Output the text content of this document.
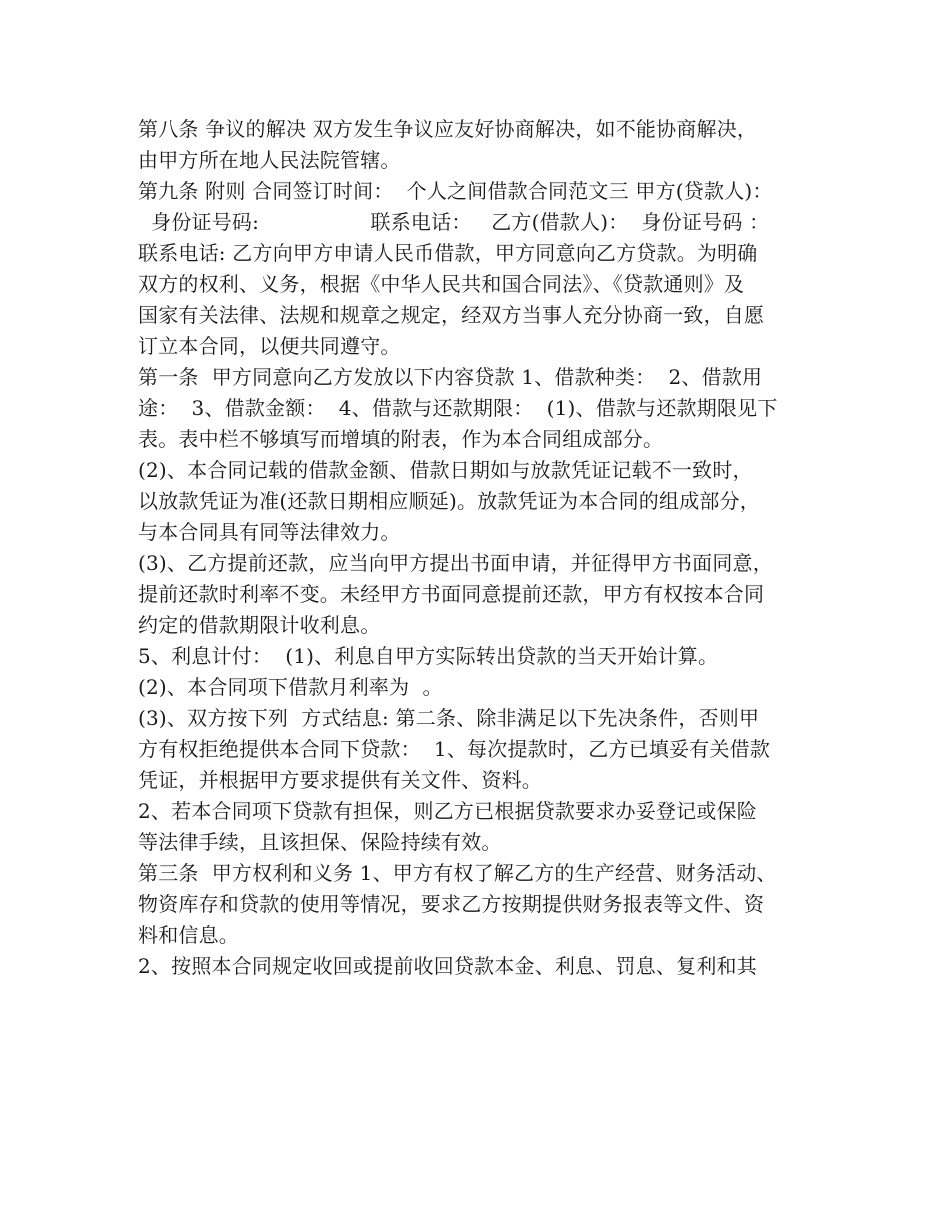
第八条 争议的解决 双方发生争议应友好协商解决，如不能协商解决，
由甲方所在地人民法院管辖。
第九条 附则 合同签订时间：  个人之间借款合同范文三 甲方(贷款人)：
身份证号码:                 联系电话：   乙方(借款人)：  身份证号码 ：
联系电话: 乙方向甲方申请人民币借款，甲方同意向乙方贷款。为明确
双方的权利、义务，根据《中华人民共和国合同法》、《贷款通则》及
国家有关法律、法规和规章之规定，经双方当事人充分协商一致，自愿
订立本合同，以便共同遵守。
第一条  甲方同意向乙方发放以下内容贷款 1、借款种类：  2、借款用
途：  3、借款金额：  4、借款与还款期限：  (1)、借款与还款期限见下
表。表中栏不够填写而增填的附表，作为本合同组成部分。
(2)、本合同记载的借款金额、借款日期如与放款凭证记载不一致时，
以放款凭证为准(还款日期相应顺延)。放款凭证为本合同的组成部分，
与本合同具有同等法律效力。
(3)、乙方提前还款，应当向甲方提出书面申请，并征得甲方书面同意，
提前还款时利率不变。未经甲方书面同意提前还款，甲方有权按本合同
约定的借款期限计收利息。
5、利息计付：  (1)、利息自甲方实际转出贷款的当天开始计算。
(2)、本合同项下借款月利率为  。
(3)、双方按下列  方式结息: 第二条、除非满足以下先决条件，否则甲
方有权拒绝提供本合同下贷款：  1、每次提款时，乙方已填妥有关借款
凭证，并根据甲方要求提供有关文件、资料。
2、若本合同项下贷款有担保，则乙方已根据贷款要求办妥登记或保险
等法律手续，且该担保、保险持续有效。
第三条  甲方权利和义务 1、甲方有权了解乙方的生产经营、财务活动、
物资库存和贷款的使用等情况，要求乙方按期提供财务报表等文件、资
料和信息。
2、按照本合同规定收回或提前收回贷款本金、利息、罚息、复利和其
